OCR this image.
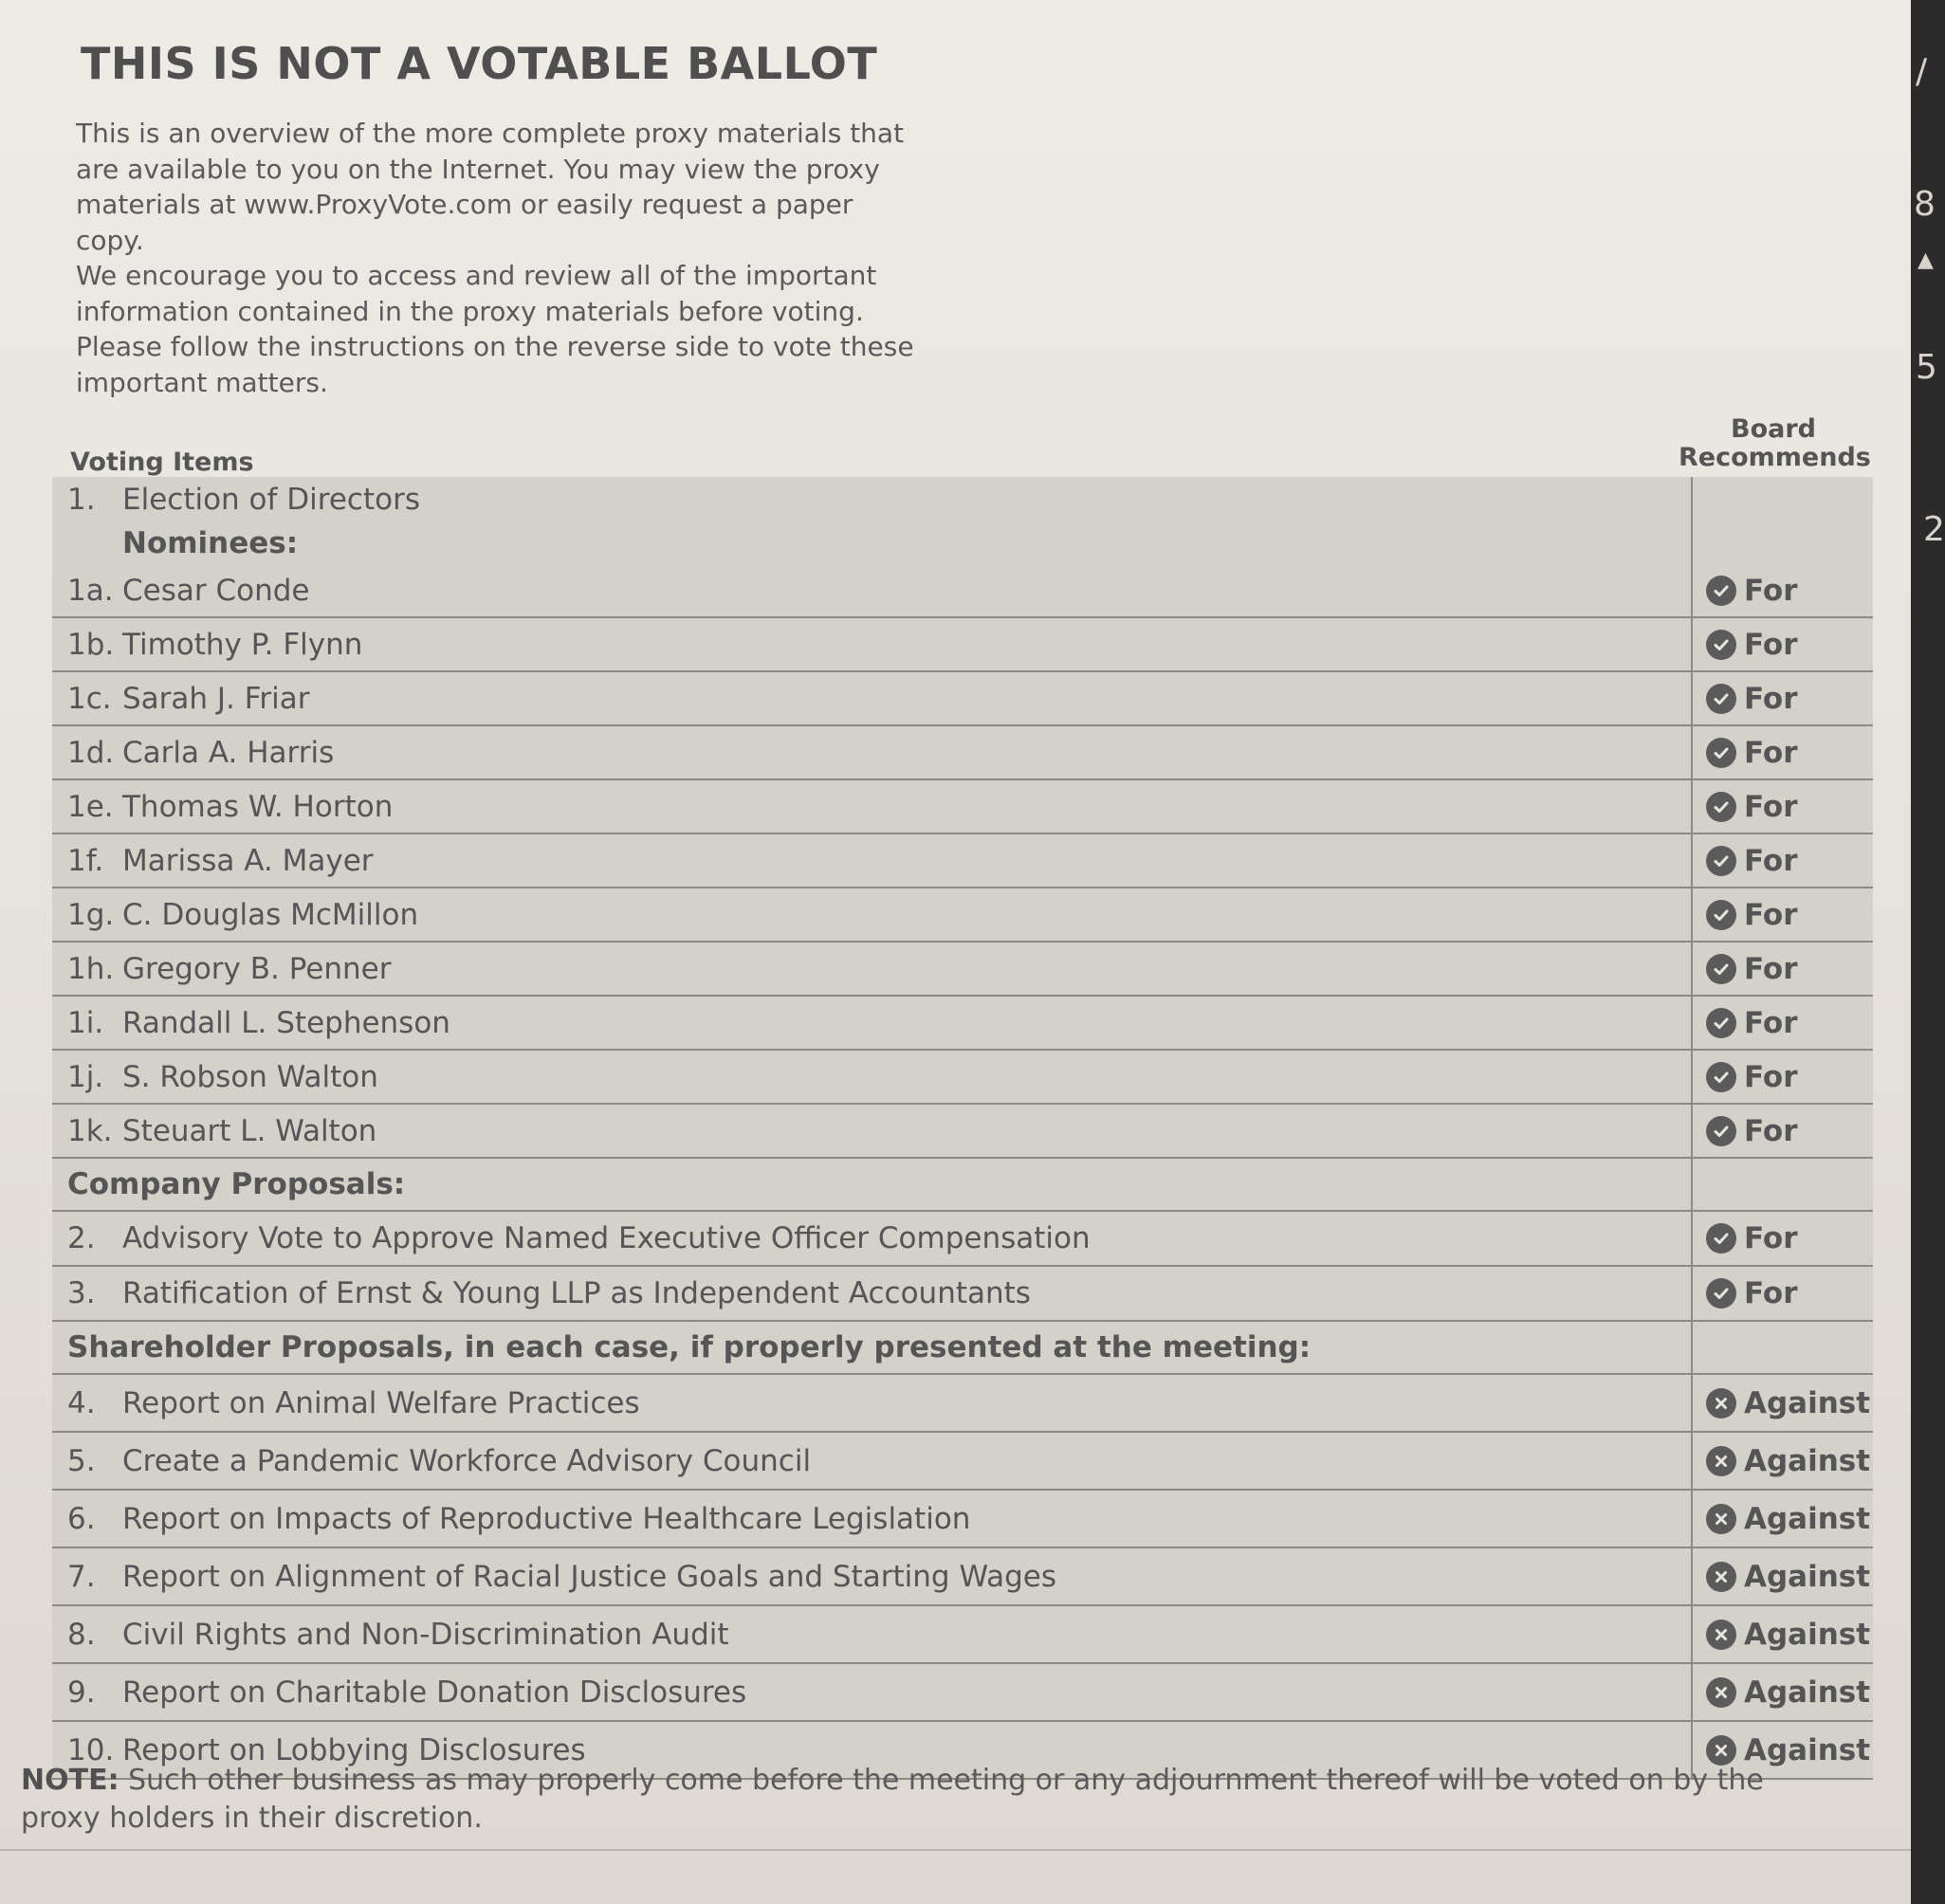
THIS IS NOT A VOTABLE BALLOT
This is an overview of the more complete proxy materials that
are available to you on the Internet. You may view the proxy
materials at www.ProxyVote.com or easily request a paper copy.
We encourage you to access and review all of the important
information contained in the proxy materials before voting.
Please follow the instructions on the reverse side to vote these
important matters.
Voting Items
Board
Recommends
1. Election of Directors
Nominees:
1a. Cesar Conde	For
1b. Timothy P. Flynn	For
1c. Sarah J. Friar	For
1d. Carla A. Harris	For
1e. Thomas W. Horton	For
1f. Marissa A. Mayer	For
1g. C. Douglas McMillon	For
1h. Gregory B. Penner	For
1i. Randall L. Stephenson	For
1j. S. Robson Walton	For
1k. Steuart L. Walton	For
Company Proposals:
2. Advisory Vote to Approve Named Executive Officer Compensation	For
3. Ratification of Ernst & Young LLP as Independent Accountants	For
Shareholder Proposals, in each case, if properly presented at the meeting:
4. Report on Animal Welfare Practices	Against
5. Create a Pandemic Workforce Advisory Council	Against
6. Report on Impacts of Reproductive Healthcare Legislation	Against
7. Report on Alignment of Racial Justice Goals and Starting Wages	Against
8. Civil Rights and Non-Discrimination Audit	Against
9. Report on Charitable Donation Disclosures	Against
10. Report on Lobbying Disclosures	Against
NOTE: Such other business as may properly come before the meeting or any adjournment thereof will be voted on by the proxy holders in their discretion.
/
8
▲
5
2
